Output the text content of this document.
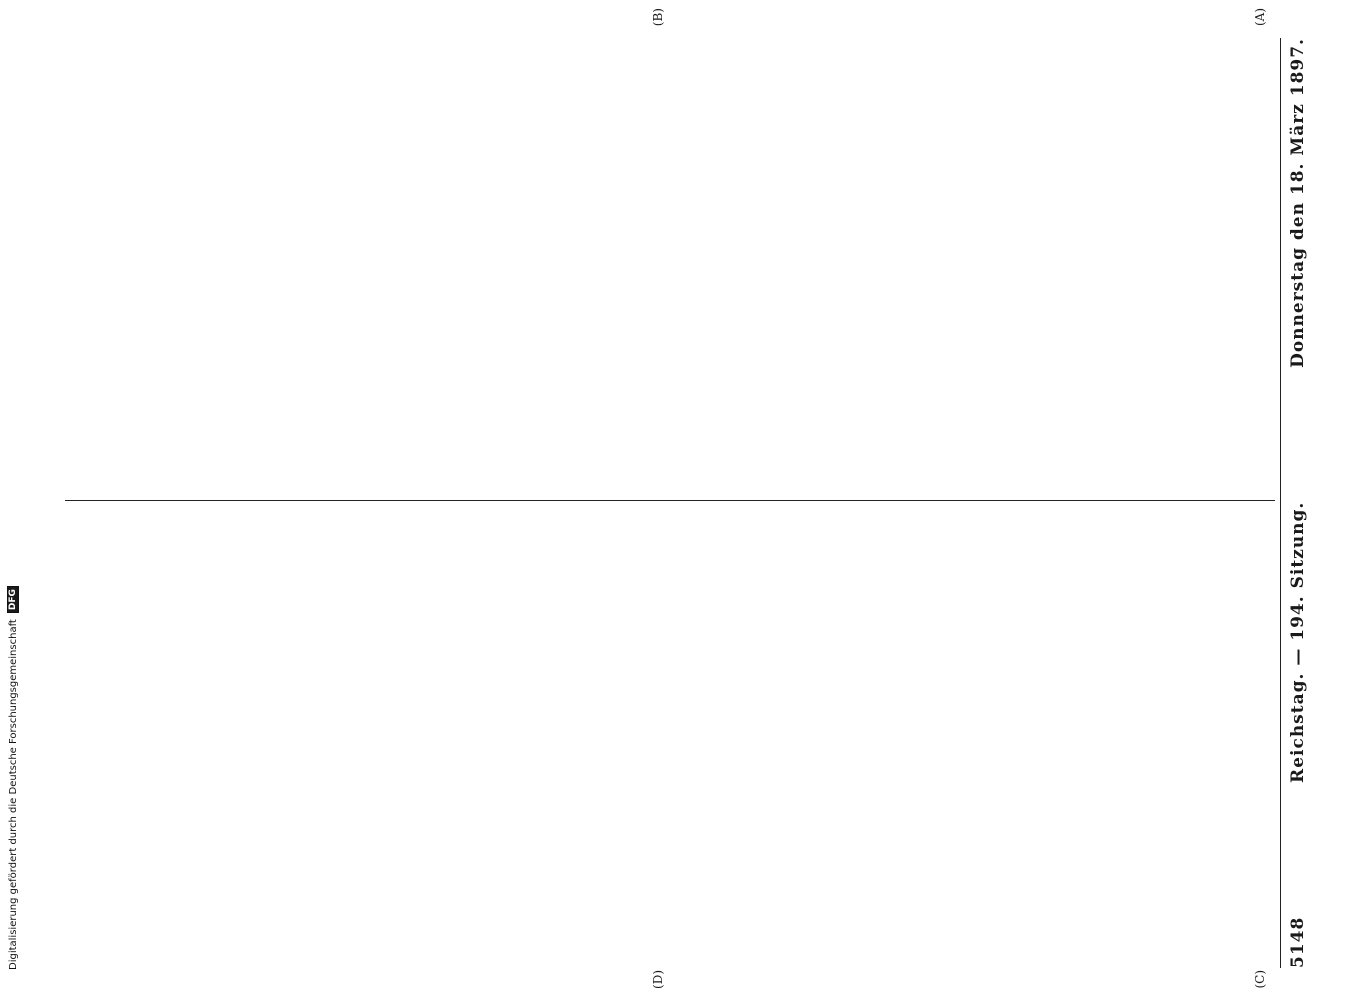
5148
Reichstag. — 194. Sitzung.
Donnerstag den 18. März 1897.
(A)
(B)
(C)
(D)
Digitalisierung gefördert durch die Deutsche Forschungsgemeinschaft
DFG
